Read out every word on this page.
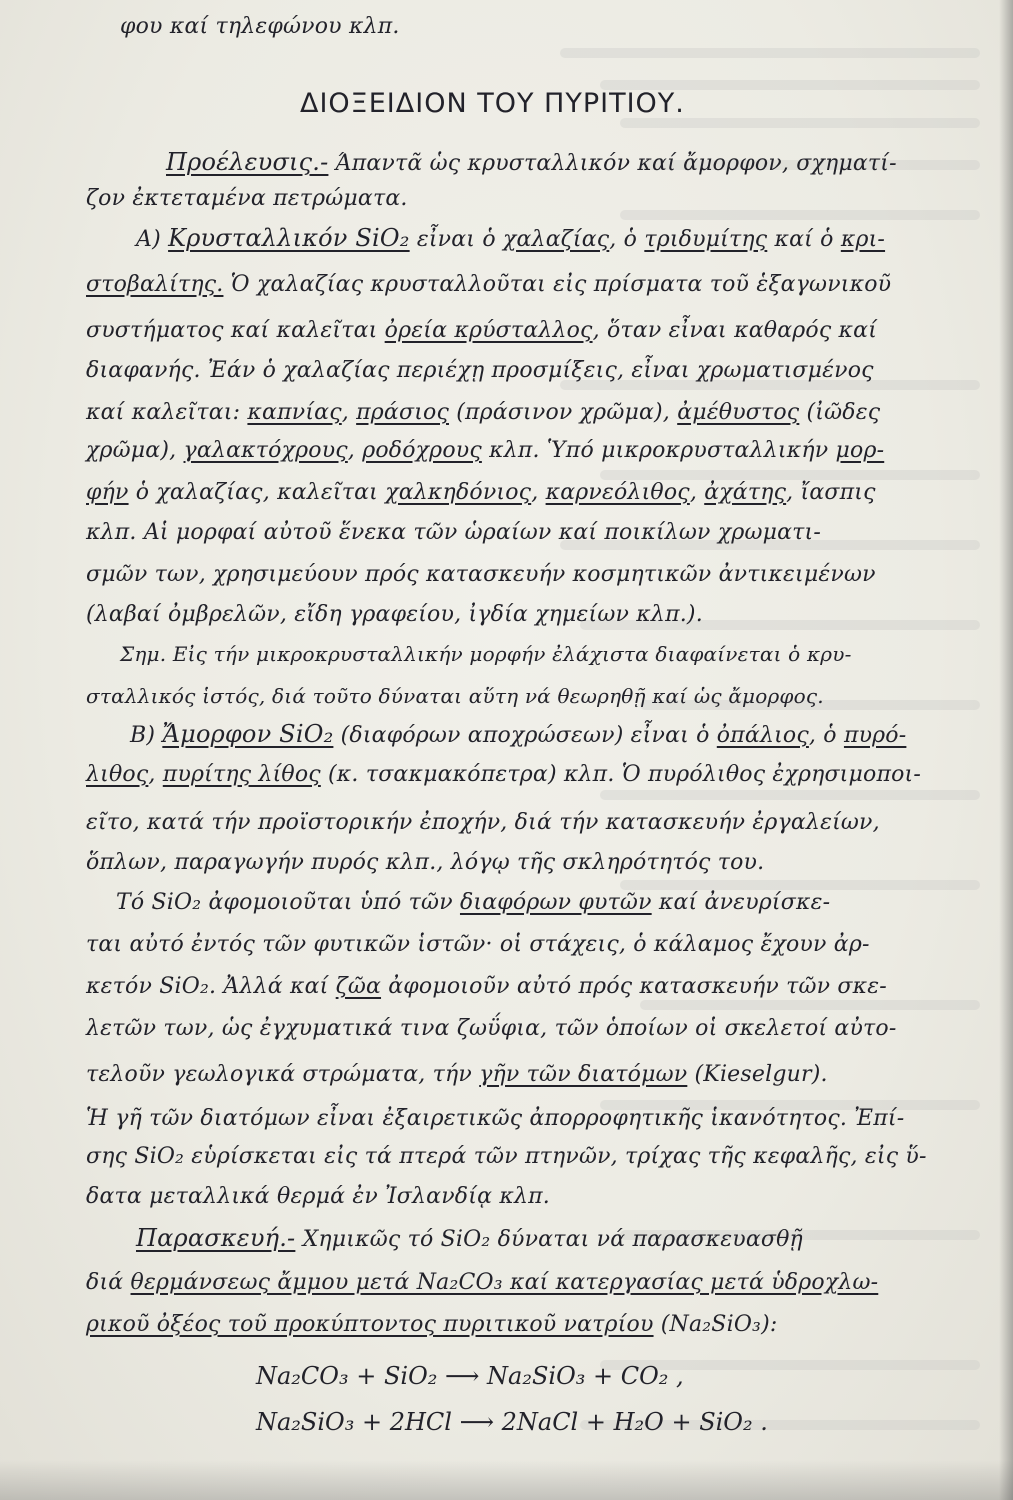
φου καί τηλεφώνου κλπ.
ΔΙΟΞΕΙΔΙΟΝ ΤΟΥ ΠΥΡΙΤΙΟΥ.
Προέλευσις.- Άπαντᾶ ὡς κρυσταλλικόν καί ἄμορφον, σχηματί-
ζον ἐκτεταμένα πετρώματα.
Α) Κρυσταλλικόν SiO₂ εἶναι ὁ χαλαζίας, ὁ τριδυμίτης καί ὁ κρι-
στοβαλίτης. Ὁ χαλαζίας κρυσταλλοῦται εἰς πρίσματα τοῦ ἑξαγωνικοῦ
συστήματος καί καλεῖται ὀρεία κρύσταλλος, ὅταν εἶναι καθαρός καί
διαφανής. Ἐάν ὁ χαλαζίας περιέχῃ προσμίξεις, εἶναι χρωματισμένος
καί καλεῖται: καπνίας, πράσιος (πράσινον χρῶμα), ἀμέθυστος (ἰῶδες
χρῶμα), γαλακτόχρους, ροδόχρους κλπ. Ὑπό μικροκρυσταλλικήν μορ-
φήν ὁ χαλαζίας, καλεῖται χαλκηδόνιος, καρνεόλιθος, ἀχάτης, ἴασπις
κλπ. Αἱ μορφαί αὐτοῦ ἕνεκα τῶν ὡραίων καί ποικίλων χρωματι-
σμῶν των, χρησιμεύουν πρός κατασκευήν κοσμητικῶν ἀντικειμένων
(λαβαί ὀμβρελῶν, εἴδη γραφείου, ἰγδία χημείων κλπ.).
Σημ. Εἰς τήν μικροκρυσταλλικήν μορφήν ἐλάχιστα διαφαίνεται ὁ κρυ-
σταλλικός ἱστός, διά τοῦτο δύναται αὕτη νά θεωρηθῇ καί ὡς ἄμορφος.
Β) Ἄμορφον SiO₂ (διαφόρων αποχρώσεων) εἶναι ὁ ὀπάλιος, ὁ πυρό-
λιθος, πυρίτης λίθος (κ. τσακμακόπετρα) κλπ. Ὁ πυρόλιθος ἐχρησιμοποι-
εῖτο, κατά τήν προϊστορικήν ἐποχήν, διά τήν κατασκευήν ἐργαλείων,
ὅπλων, παραγωγήν πυρός κλπ., λόγῳ τῆς σκληρότητός του.
Τό SiO₂ ἀφομοιοῦται ὑπό τῶν διαφόρων φυτῶν καί ἀνευρίσκε-
ται αὐτό ἐντός τῶν φυτικῶν ἱστῶν· οἱ στάχεις, ὁ κάλαμος ἔχουν ἀρ-
κετόν SiO₂. Ἀλλά καί ζῶα ἀφομοιοῦν αὐτό πρός κατασκευήν τῶν σκε-
λετῶν των, ὡς ἐγχυματικά τινα ζωΰφια, τῶν ὁποίων οἱ σκελετοί αὐτο-
τελοῦν γεωλογικά στρώματα, τήν γῆν τῶν διατόμων (Kieselgur).
Ἡ γῆ τῶν διατόμων εἶναι ἐξαιρετικῶς ἀπορροφητικῆς ἱκανότητος. Ἐπί-
σης SiO₂ εὑρίσκεται εἰς τά πτερά τῶν πτηνῶν, τρίχας τῆς κεφαλῆς, εἰς ὕ-
δατα μεταλλικά θερμά ἐν Ἰσλανδίᾳ κλπ.
Παρασκευή.- Χημικῶς τό SiO₂ δύναται νά παρασκευασθῇ
διά θερμάνσεως ἄμμου μετά Na₂CO₃ καί κατεργασίας μετά ὑδροχλω-
ρικοῦ ὀξέος τοῦ προκύπτοντος πυριτικοῦ νατρίου (Na₂SiO₃):
Na₂CO₃ + SiO₂ ⟶ Na₂SiO₃ + CO₂ ,
Na₂SiO₃ + 2HCl ⟶ 2NaCl + H₂O + SiO₂ .
